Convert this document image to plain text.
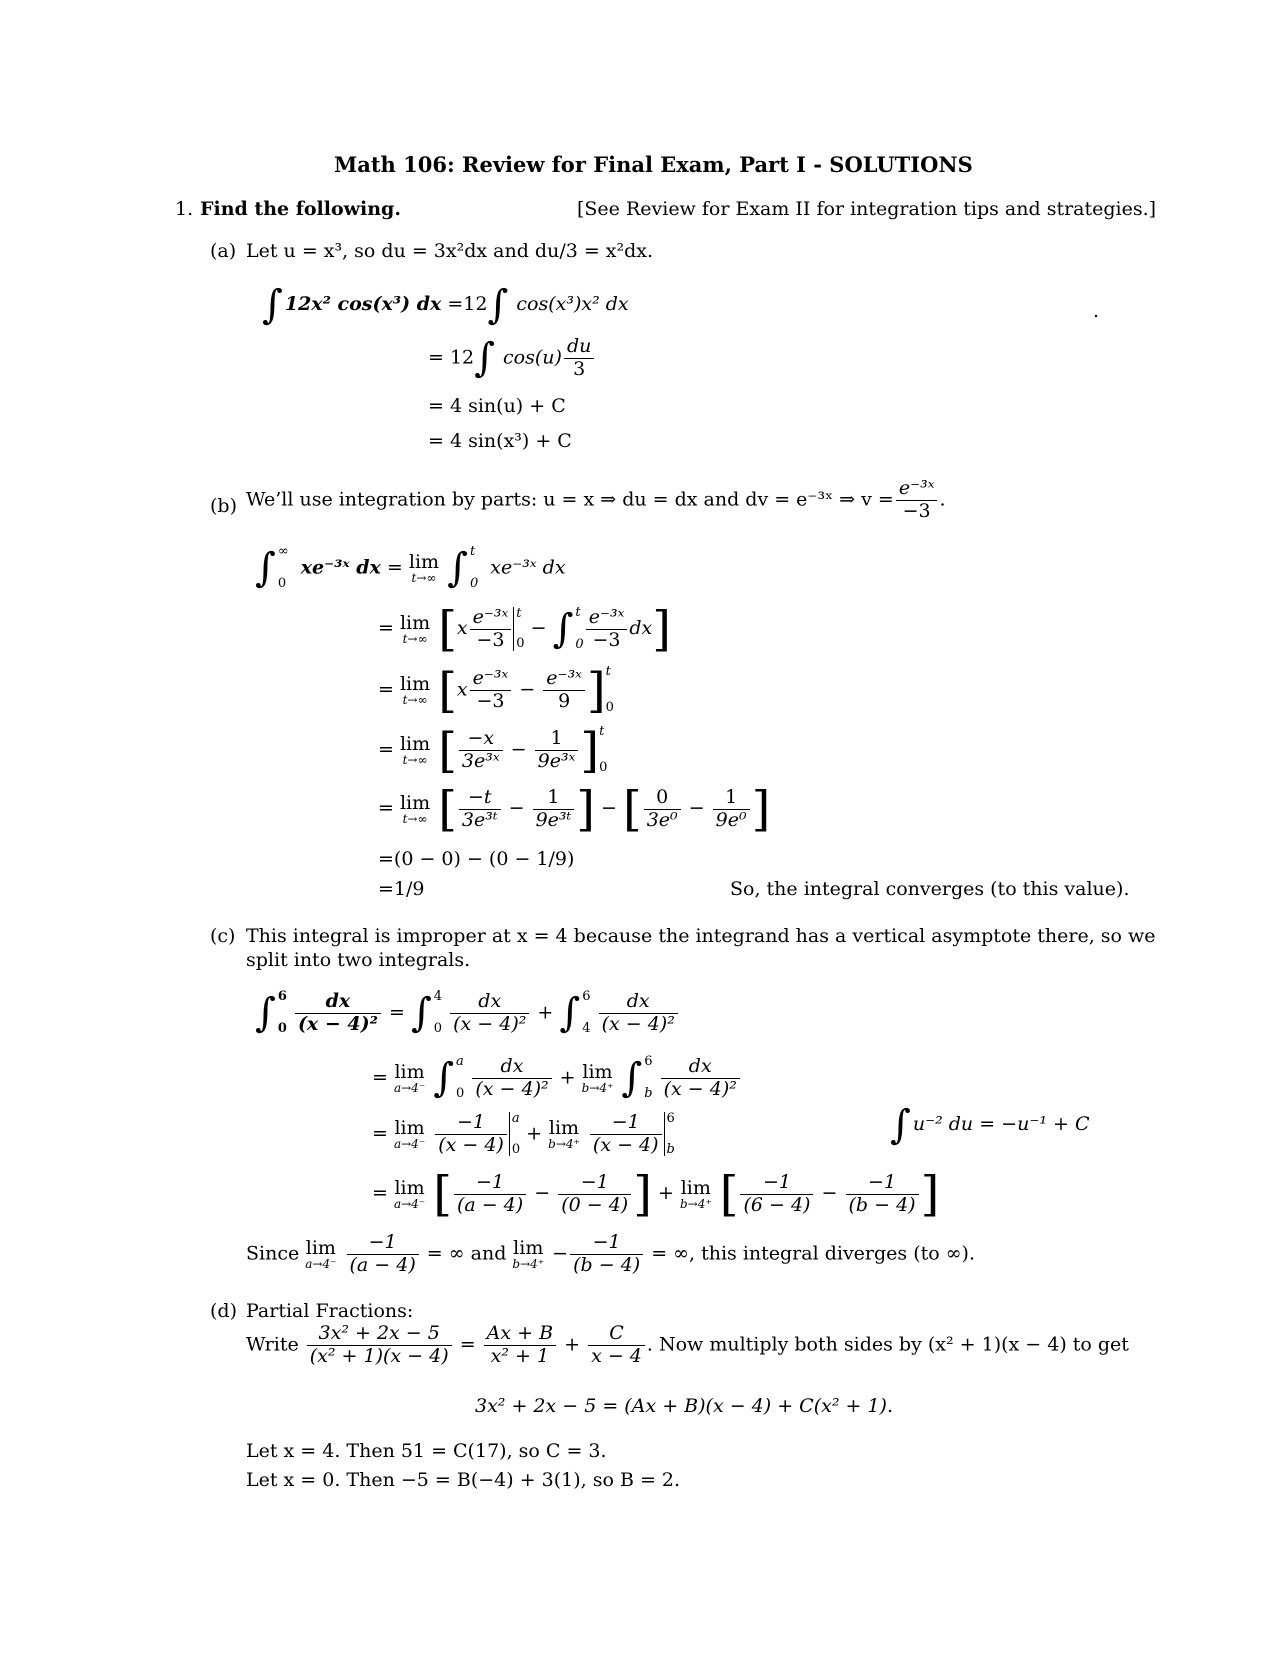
Math 106: Review for Final Exam, Part I - SOLUTIONS
1. Find the following.	[See Review for Exam II for integration tips and strategies.]
(a) Let u = x³, so du = 3x²dx and du/3 = x²dx.
∫ 12x² cos(x³) dx =12∫ cos(x³)x² dx	.
= 12∫ $\cos(u) \frac{du}{3}$
= 4 sin(u) + C
= 4 sin(x³) + C
(b) We’ll use integration by parts: u = x ⇒ du = dx and dv = e⁻³ˣ ⇒ $v = \frac{\text{e⁻³ˣ}}{-3}$ .
∫ ∞
0
xe⁻³ˣ dx = lim
t→∞ ∫ t
0
xe⁻³ˣ dx
= lim
t→∞ [$x \frac{\text{e⁻³ˣ}}{-3}$ t
0
− ∫ t
$0 \frac{\text{e⁻³ˣ}}{-3} dx$]
= lim
t→∞ [$x \frac{\text{e⁻³ˣ}}{-3} - \frac{\text{e⁻³ˣ}}{9}$ ] t
0
= lim
t→∞ [ $\frac{-x}{\text{3e³ˣ}} - \frac{1}{\text{9e³ˣ}}$ ] t
0
= lim
t→∞ [ $\frac{-t}{\text{3e³ᵗ}} - \frac{1}{\text{9e³ᵗ}}$ ] − [ $\frac{0}{\text{3e⁰}} - \frac{1}{\text{9e⁰}}$ ]
=(0 − 0) − (0 − 1/9)
=1/9	So, the integral converges (to this value).
(c) This integral is improper at x = 4 because the integrand has a vertical asymptote there, so we
split into two integrals.
∫ 6
0
$\frac{dx}{\text{(x − 4)²}}$ = ∫ 4
0
$\frac{dx}{\text{(x − 4)²}}$ + ∫ 6
4
$\frac{dx}{\text{(x − 4)²}}$
= lim
a→4⁻ ∫ a
0
$\frac{dx}{\text{(x − 4)²}} + \lim$
b→4⁺ ∫ 6
b
$\frac{dx}{\text{(x − 4)²}}$
= lim
a→4⁻
$\frac{-1}{(x - 4)}$ a
0
+ lim
b→4⁺
$\frac{-1}{(x - 4)} 6$
b
∫ u⁻² du = −u⁻¹ + C
= lim
a→4⁻ [ $\frac{-1}{(a - 4)} - \frac{-1}{(0 - 4)}$ ] + lim
b→4⁺ [ $\frac{-1}{(6 - 4)} - \frac{-1}{(b - 4)}$ ]
Since lim
a→4⁻
$\frac{-1}{(a - 4)}$ = ∞ and lim
$b\to 4^+ - \frac{-1}{(b - 4)}$ = ∞, this integral diverges (to ∞).
(d) Partial Fractions:
Write $\frac{\text{3x² + 2x − 5}}{\text{(x² + 1)(x − 4)}} = \frac{Ax + B}{\text{x² + 1}} + \frac{C}{x - 4}$ . Now multiply both sides by (x² + 1)(x − 4) to get
3x² + 2x − 5 = (Ax + B)(x − 4) + C(x² + 1).
Let x = 4. Then 51 = C(17), so C = 3.
Let x = 0. Then −5 = B(−4) + 3(1), so B = 2.
